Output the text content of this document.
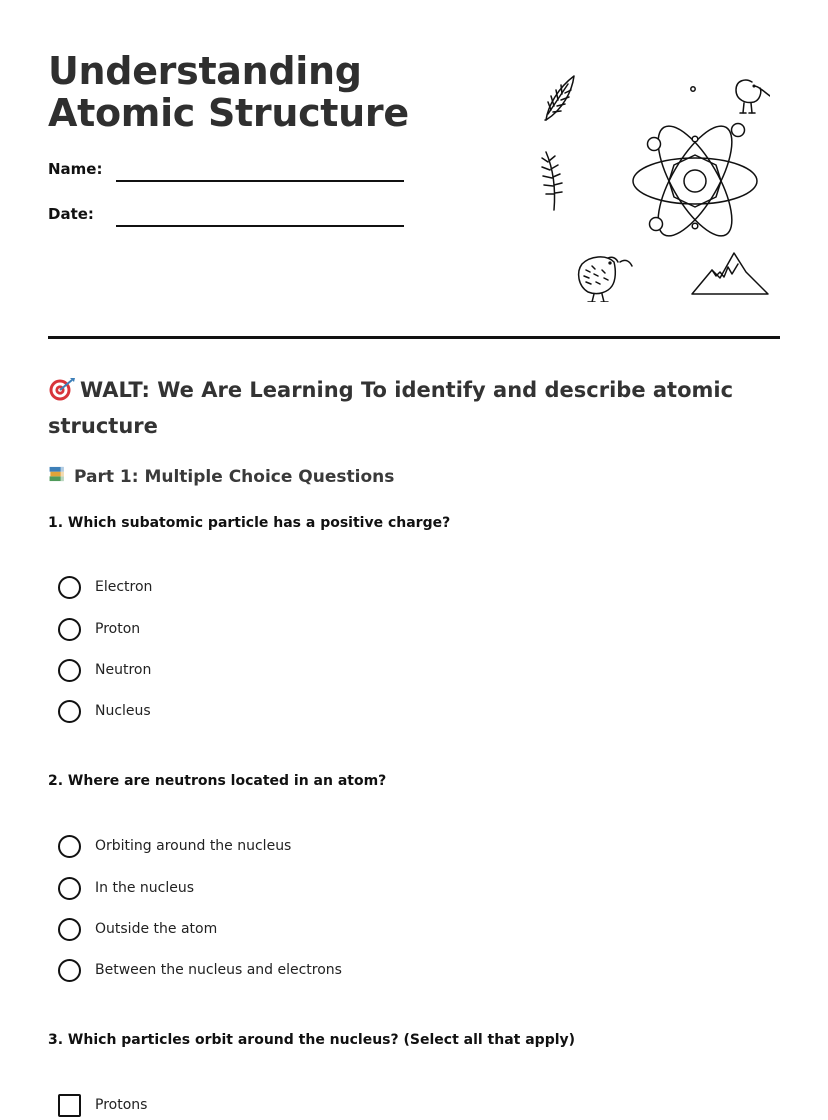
Understanding Atomic Structure
Name:
Date:
WALT: We Are Learning To identify and describe atomic structure
Part 1: Multiple Choice Questions

1. Which subatomic particle has a positive charge?

Electron
Proton
Neutron
Nucleus

2. Where are neutrons located in an atom?

Orbiting around the nucleus
In the nucleus
Outside the atom
Between the nucleus and electrons

3. Which particles orbit around the nucleus? (Select all that apply)

Protons
